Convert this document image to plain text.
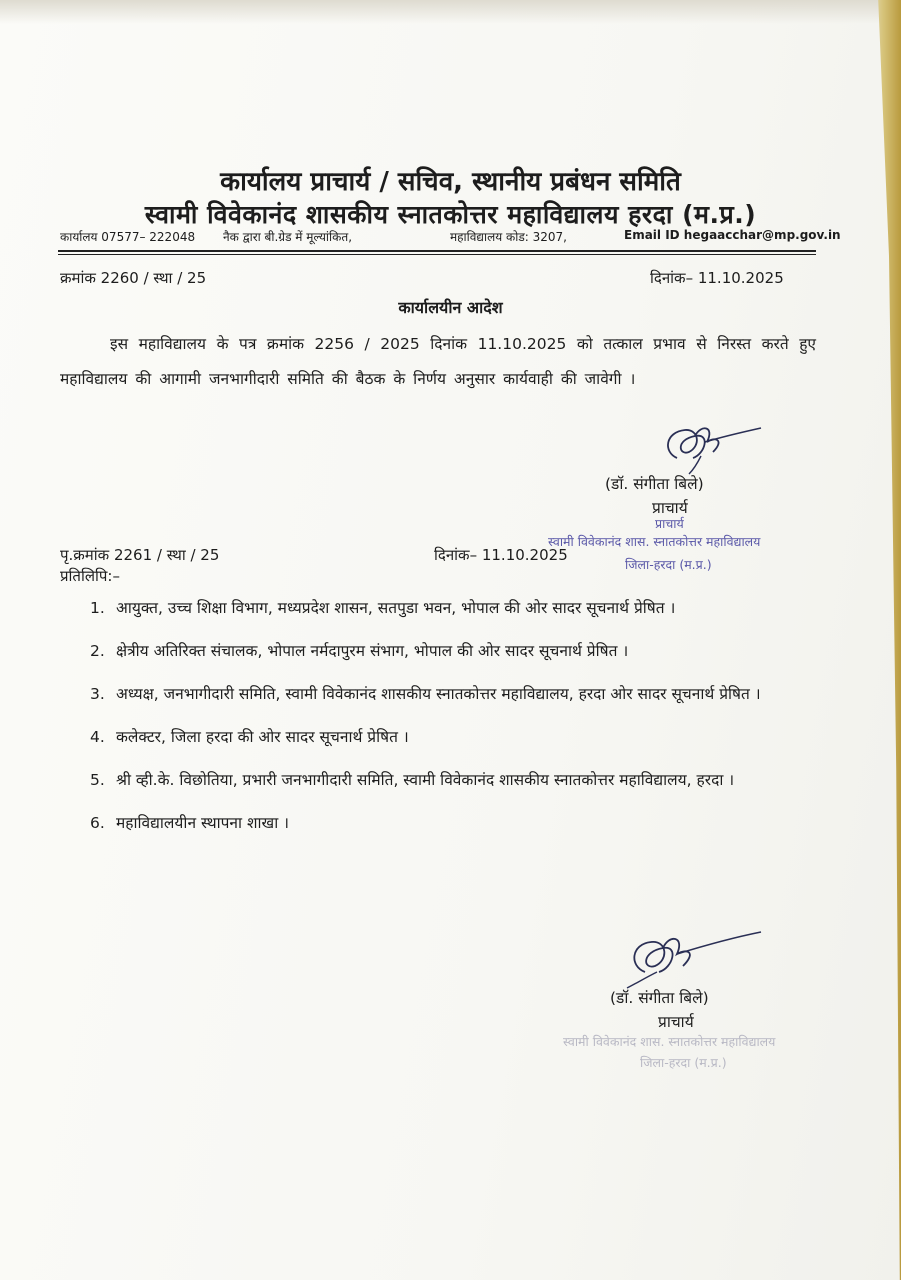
कार्यालय प्राचार्य / सचिव, स्थानीय प्रबंधन समिति
स्वामी विवेकानंद शासकीय स्नातकोत्तर महाविद्यालय हरदा (म.प्र.)
कार्यालय 07577– 222048 नैक द्वारा बी.ग्रेड में मूल्यांकित,	महाविद्यालय कोड: 3207,	Email ID hegaacchar@mp.gov.in
क्रमांक 2260 / स्था / 25	दिनांक– 11.10.2025
कार्यालयीन आदेश
इस महाविद्यालय के पत्र क्रमांक 2256 / 2025 दिनांक 11.10.2025 को तत्काल प्रभाव से निरस्त करते हुए महाविद्यालय की आगामी जनभागीदारी समिति की बैठक के निर्णय अनुसार कार्यवाही की जावेगी ।
(डॉ. संगीता बिले)
प्राचार्य
प्राचार्य
स्वामी विवेकानंद शास. स्नातकोत्तर महाविद्यालय
जिला-हरदा (म.प्र.)
पृ.क्रमांक 2261 / स्था / 25	दिनांक– 11.10.2025
प्रतिलिपि:–
1. आयुक्त, उच्च शिक्षा विभाग, मध्यप्रदेश शासन, सतपुडा भवन, भोपाल की ओर सादर सूचनार्थ प्रेषित ।
2. क्षेत्रीय अतिरिक्त संचालक, भोपाल नर्मदापुरम संभाग, भोपाल की ओर सादर सूचनार्थ प्रेषित ।
3. अध्यक्ष, जनभागीदारी समिति, स्वामी विवेकानंद शासकीय स्नातकोत्तर महाविद्यालय, हरदा ओर सादर सूचनार्थ प्रेषित ।
4. कलेक्टर, जिला हरदा की ओर सादर सूचनार्थ प्रेषित ।
5. श्री व्ही.के. विछोतिया, प्रभारी जनभागीदारी समिति, स्वामी विवेकानंद शासकीय स्नातकोत्तर महाविद्यालय, हरदा ।
6. महाविद्यालयीन स्थापना शाखा ।
(डॉ. संगीता बिले)
प्राचार्य
स्वामी विवेकानंद शास. स्नातकोत्तर महाविद्यालय
जिला-हरदा (म.प्र.)
